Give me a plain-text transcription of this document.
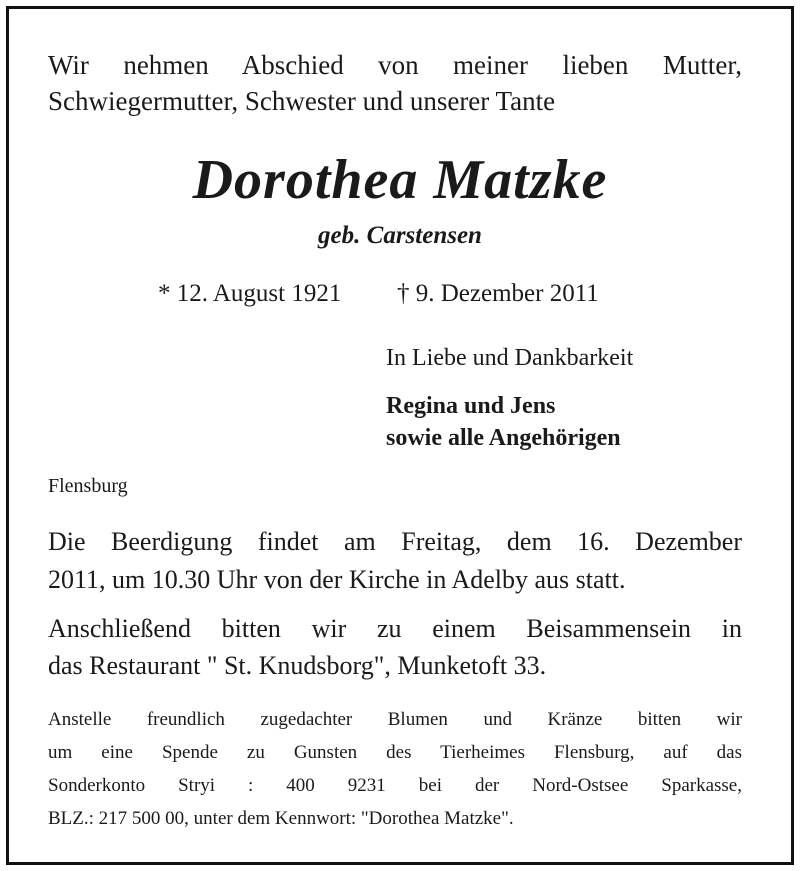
Wir nehmen Abschied von meiner lieben Mutter,
Schwiegermutter, Schwester und unserer Tante
Dorothea Matzke
geb. Carstensen
* 12. August 1921 † 9. Dezember 2011
In Liebe und Dankbarkeit
Regina und Jens
sowie alle Angehörigen
Flensburg
Die Beerdigung findet am Freitag, dem 16. Dezember
2011, um 10.30 Uhr von der Kirche in Adelby aus statt.
Anschließend bitten wir zu einem Beisammensein in
das Restaurant " St. Knudsborg", Munketoft 33.
Anstelle freundlich zugedachter Blumen und Kränze bitten wir
um eine Spende zu Gunsten des Tierheimes Flensburg, auf das
Sonderkonto Stryi : 400 9231 bei der Nord-Ostsee Sparkasse,
BLZ.: 217 500 00, unter dem Kennwort: "Dorothea Matzke".
